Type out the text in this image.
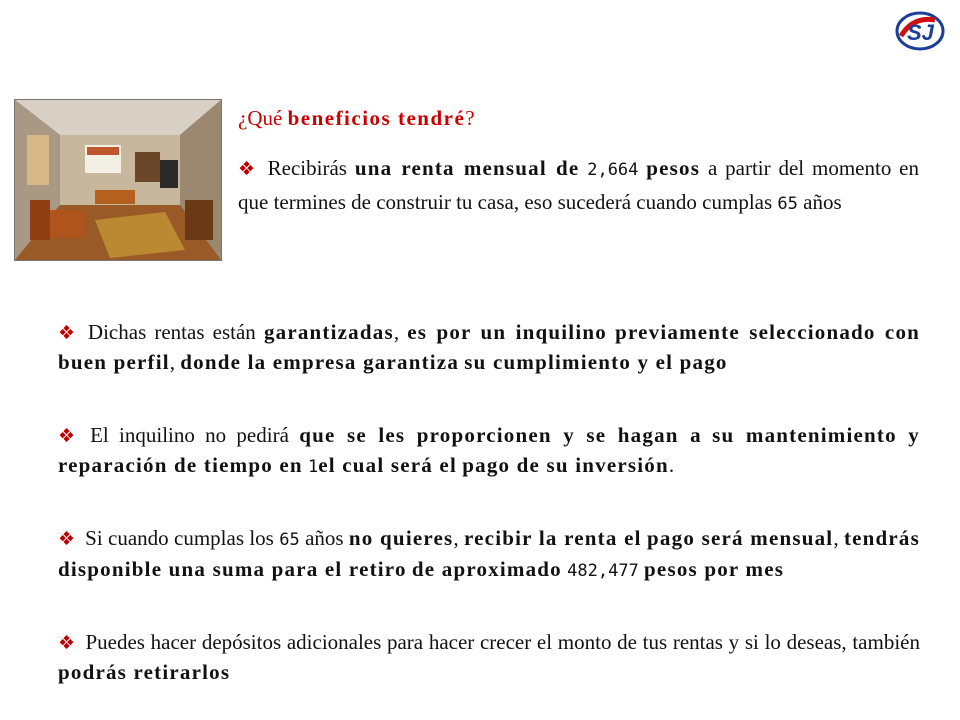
SJ
¿Qué beneficios tendré?
❖ Recibirás una renta mensual de 2,664 pesos a partir del momento en que termines de construir tu casa, eso sucederá cuando cumplas 65 años
❖ Dichas rentas están garantizadas, es por un inquilino previamente seleccionado con buen perfil, donde la empresa garantiza su cumplimiento y el pago
❖ El inquilino no pedirá que se les proporcionen y se hagan a su mantenimiento y reparación de tiempo en 1el cual será el pago de su inversión.
❖ Si cuando cumplas los 65 años no quieres, recibir la renta el pago será mensual, tendrás disponible una suma para el retiro de aproximado 482,477 pesos por mes
❖ Puedes hacer depósitos adicionales para hacer crecer el monto de tus rentas y si lo deseas, también podrás retirarlos
